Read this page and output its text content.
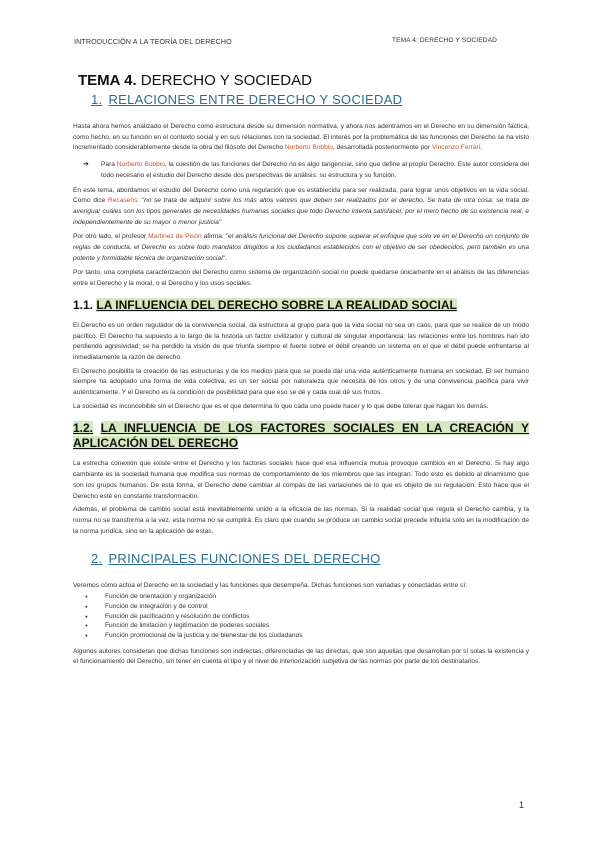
INTRODUCCIÓN A LA TEORÍA DEL DERECHO	TEMA 4: DERECHO Y SOCIEDAD
TEMA 4. DERECHO Y SOCIEDAD
1. RELACIONES ENTRE DERECHO Y SOCIEDAD

Hasta ahora hemos analizado el Derecho como estructura desde su dimensión normativa, y ahora nos adentramos en el Derecho en su dimensión fáctica, como hecho, en su función en el contexto social y en sus relaciones con la sociedad. El interés por la problemática de las funciones del Derecho se ha visto incrementado considerablemente desde la obra del filósofo del Derecho Norberto Bobbio, desarrollada posteriormente por Vincenzo Ferrari.

➔	Para Norberto Bobbio, la cuestión de las funciones del Derecho no es algo tangencial, sino que define al propio Derecho. Este autor considera del todo necesario el estudio del Derecho desde dos perspectivas de análisis: su estructura y su función.

En este tema, abordamos el estudio del Derecho como una regulación que es establecida para ser realizada, para lograr unos objetivos en la vida social. Como dice Recasens: "no se trata de adquirir sobre los más altos valores que deben ser realizados por el derecho. Se trata de otra cosa: se trata de averiguar cuáles son los tipos generales de necesidades humanas sociales que todo Derecho intenta satisfacer, por el mero hecho de su existencia real, e independientemente de su mayor o menor justicia"

Por otro lado, el profesor Martínez de Pisón afirma: "el análisis funcional del Derecho supone superar el enfoque que sólo ve en el Derecho un conjunto de reglas de conducta, el Derecho es sobre todo mandatos dirigidos a los ciudadanos establecidos con el objetivo de ser obedecidos, pero también es una potente y formidable técnica de organización social".

Por tanto, una completa caracterización del Derecho como sistema de organización social no puede quedarse únicamente en el análisis de las diferencias entre el Derecho y la moral, o el Derecho y los usos sociales.

1.1. LA INFLUENCIA DEL DERECHO SOBRE LA REALIDAD SOCIAL

El Derecho es un orden regulador de la convivencia social, da estructura al grupo para que la vida social no sea un caos, para que se realice de un modo pacífico. El Derecho ha supuesto a lo largo de la historia un factor civilizador y cultural de singular importancia: las relaciones entre los hombres han ido perdiendo agresividad; se ha perdido la visión de que triunfa siempre el fuerte sobre el débil creando un sistema en el que el débil puede enfrentarse al inmediatamente la razón de derecho.

El Derecho posibilita la creación de las estructuras y de los medios para que se pueda dar una vida auténticamente humana en sociedad. El ser humano siempre ha adoptado una forma de vida colectiva, es un ser social por naturaleza que necesita de los otros y de una convivencia pacífica para vivir auténticamente. Y el Derecho es la condición de posibilidad para que eso se dé y cada cual dé sus frutos.

La sociedad es inconcebible sin el Derecho que es el que determina lo que cada uno puede hacer y lo que debe tolerar que hagan los demás.

1.2. LA INFLUENCIA DE LOS FACTORES SOCIALES EN LA CREACIÓN Y APLICACIÓN DEL DERECHO

La estrecha conexión que existe entre el Derecho y los factores sociales hace que esa influencia mutua provoque cambios en el Derecho. Si hay algo cambiante es la sociedad humana que modifica sus normas de comportamiento de los miembros que las integran. Todo esto es debido al dinamismo que son los grupos humanos. De esta forma, el Derecho debe cambiar al compás de las variaciones de lo que es objeto de su regulación. Esto hace que el Derecho esté en constante transformación.

Además, el problema de cambio social está inevitablemente unido a la eficacia de las normas. Si la realidad social que regula el Derecho cambia, y la norma no se transforma a la vez, esta norma no se cumplirá. Es claro que cuando se produce un cambio social precede influirla sólo en la modificación de la norma jurídica, sino en la aplicación de estas.

2. PRINCIPALES FUNCIONES DEL DERECHO

Veremos cómo actúa el Derecho en la sociedad y las funciones que desempeña. Dichas funciones son variadas y conectadas entre sí:

● Función de orientación y organización
● Función de integración y de control
● Función de pacificación y resolución de conflictos
● Función de limitación y legitimación de poderes sociales
● Función promocional de la justicia y de bienestar de los ciudadanos

Algunos autores consideran que dichas funciones son indirectas, diferenciadas de las directas, que son aquellas que desarrollan por sí solas la existencia y el funcionamiento del Derecho, sin tener en cuenta el tipo y el nivel de interiorización subjetiva de las normas por parte de los destinatarios.

1
